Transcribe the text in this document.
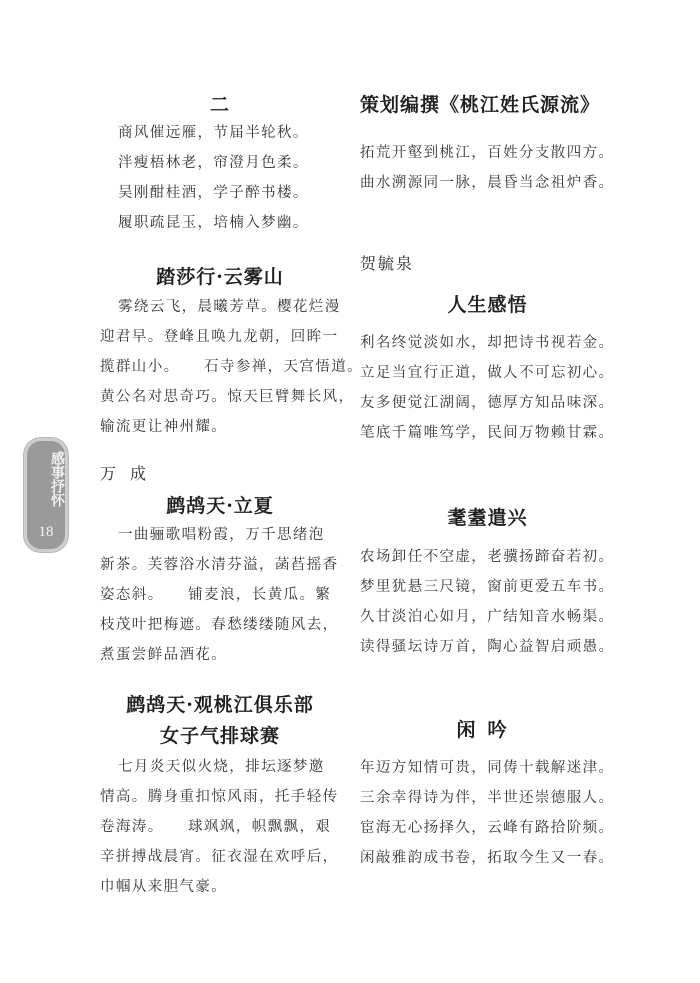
二
商风催远雁，节届半轮秋。
泮瘦梧林老，帘澄月色柔。
吴刚酣桂酒，学子醉书楼。
履职疏昆玉，培楠入梦幽。
踏莎行·云雾山
雾绕云飞，晨曦芳草。樱花烂漫
迎君早。登峰且唤九龙朝，回眸一
揽群山小。　　石寺参禅，天宫悟道。
黄公名对思奇巧。惊天巨臂舞长风，
输流更让神州耀。
万成
鹧鸪天·立夏
一曲骊歌唱粉霞，万千思绪泡
新茶。芙蓉浴水清芬溢，菡萏摇香
姿态斜。　　铺麦浪，长黄瓜。繁
枝茂叶把梅遮。春愁缕缕随风去，
煮蛋尝鲜品酒花。
鹧鸪天·观桃江俱乐部
女子气排球赛
七月炎天似火烧，排坛逐梦邀
情高。腾身重扣惊风雨，托手轻传
卷海涛。　　球飒飒，帜飘飘，艰
辛拼搏战晨宵。征衣湿在欢呼后，
巾帼从来胆气豪。
策划编撰《桃江姓氏源流》
拓荒开壑到桃江，百姓分支散四方。
曲水溯源同一脉，晨昏当念祖炉香。
贺毓泉
人生感悟
利名终觉淡如水，却把诗书视若金。
立足当宜行正道，做人不可忘初心。
友多便觉江湖阔，德厚方知品味深。
笔底千篇唯笃学，民间万物赖甘霖。
耄耋遣兴
农场卸任不空虚，老骥扬蹄奋若初。
梦里犹悬三尺镜，窗前更爱五车书。
久甘淡泊心如月，广结知音水畅渠。
读得骚坛诗万首，陶心益智启顽愚。
闲吟
年迈方知情可贵，同俦十载解迷津。
三余幸得诗为伴，半世还崇德服人。
宦海无心扬择久，云峰有路拾阶频。
闲敲雅韵成书卷，拓取今生又一春。
感事抒怀
18
